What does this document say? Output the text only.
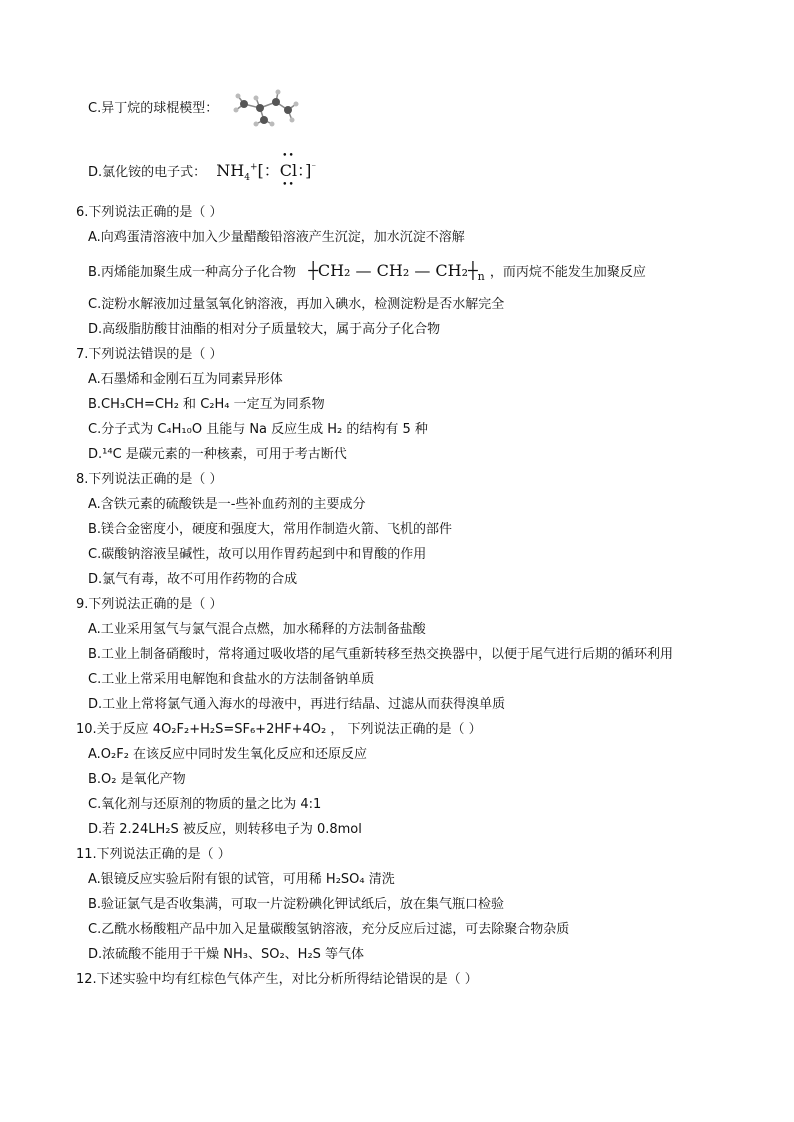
C.异丁烷的球棍模型：
D.氯化铵的电子式： $NH_4^+$[：
••
Cl
••
：]⁻
6.下列说法正确的是（ ）
A.向鸡蛋清溶液中加入少量醋酸铅溶液产生沉淀，加水沉淀不溶解
B.丙烯能加聚生成一种高分子化合物 ┼CH₂ — CH₂ — $CH_2┼_n$ ，而丙烷不能发生加聚反应
C.淀粉水解液加过量氢氧化钠溶液，再加入碘水，检测淀粉是否水解完全
D.高级脂肪酸甘油酯的相对分子质量较大，属于高分子化合物
7.下列说法错误的是（ ）
A.石墨烯和金刚石互为同素异形体
B.CH₃CH=CH₂ 和 C₂H₄ 一定互为同系物
C.分子式为 C₄H₁₀O 且能与 Na 反应生成 H₂ 的结构有 5 种
D.¹⁴C 是碳元素的一种核素，可用于考古断代
8.下列说法正确的是（ ）
A.含铁元素的硫酸铁是一-些补血药剂的主要成分
B.镁合金密度小，硬度和强度大，常用作制造火箭、飞机的部件
C.碳酸钠溶液呈碱性，故可以用作胃药起到中和胃酸的作用
D.氯气有毒，故不可用作药物的合成
9.下列说法正确的是（ ）
A.工业采用氢气与氯气混合点燃，加水稀释的方法制备盐酸
B.工业上制备硝酸时，常将通过吸收塔的尾气重新转移至热交换器中，以便于尾气进行后期的循环利用
C.工业上常采用电解饱和食盐水的方法制备钠单质
D.工业上常将氯气通入海水的母液中，再进行结晶、过滤从而获得溴单质
10.关于反应 4O₂F₂+H₂S=SF₆+2HF+4O₂ ， 下列说法正确的是（ ）
A.O₂F₂ 在该反应中同时发生氧化反应和还原反应
B.O₂ 是氧化产物
C.氧化剂与还原剂的物质的量之比为 4:1
D.若 2.24LH₂S 被反应，则转移电子为 0.8mol
11.下列说法正确的是（ ）
A.银镜反应实验后附有银的试管，可用稀 H₂SO₄ 清洗
B.验证氯气是否收集满，可取一片淀粉碘化钾试纸后，放在集气瓶口检验
C.乙酰水杨酸粗产品中加入足量碳酸氢钠溶液，充分反应后过滤，可去除聚合物杂质
D.浓硫酸不能用于干燥 NH₃、SO₂、H₂S 等气体
12.下述实验中均有红棕色气体产生，对比分析所得结论错误的是（ ）
